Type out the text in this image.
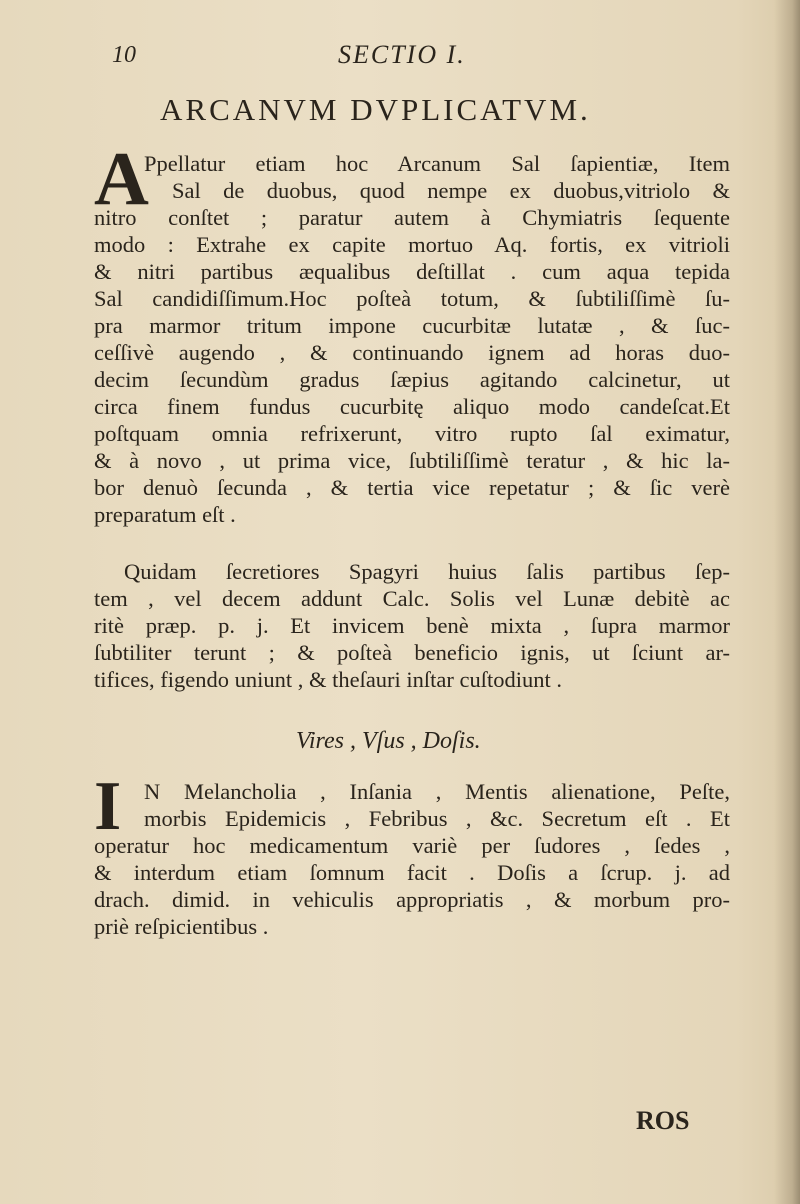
10	SECTIO I.
ARCANVM DVPLICATVM.
A
Ppellatur etiam hoc Arcanum Sal ſapientiæ, Item
Sal de duobus, quod nempe ex duobus,vitriolo &
nitro conſtet ; paratur autem à Chymiatris ſequente
modo : Extrahe ex capite mortuo Aq. fortis, ex vitrioli
& nitri partibus æqualibus deſtillat . cum aqua tepida
Sal candidiſſimum.Hoc poſteà totum, & ſubtiliſſimè ſu-
pra marmor tritum impone cucurbitæ lutatæ , & ſuc-
ceſſivè augendo , & continuando ignem ad horas duo-
decim ſecundùm gradus ſæpius agitando calcinetur, ut
circa finem fundus cucurbitę aliquo modo candeſcat.Et
poſtquam omnia refrixerunt, vitro rupto ſal eximatur,
& à novo , ut prima vice, ſubtiliſſimè teratur , & hic la-
bor denuò ſecunda , & tertia vice repetatur ; & ſic verè
preparatum eſt .
Quidam ſecretiores Spagyri huius ſalis partibus ſep-
tem , vel decem addunt Calc. Solis vel Lunæ debitè ac
ritè præp. p. j. Et invicem benè mixta , ſupra marmor
ſubtiliter terunt ; & poſteà beneficio ignis, ut ſciunt ar-
tifices, figendo uniunt , & theſauri inſtar cuſtodiunt .
Vires , Vſus , Doſis.
I	N Melancholia , Inſania , Mentis alienatione, Peſte,
morbis Epidemicis , Febribus , &c. Secretum eſt . Et
operatur hoc medicamentum variè per ſudores , ſedes ,
& interdum etiam ſomnum facit . Doſis a ſcrup. j. ad
drach. dimid. in vehiculis appropriatis , & morbum pro-
priè reſpicientibus .
ROS
